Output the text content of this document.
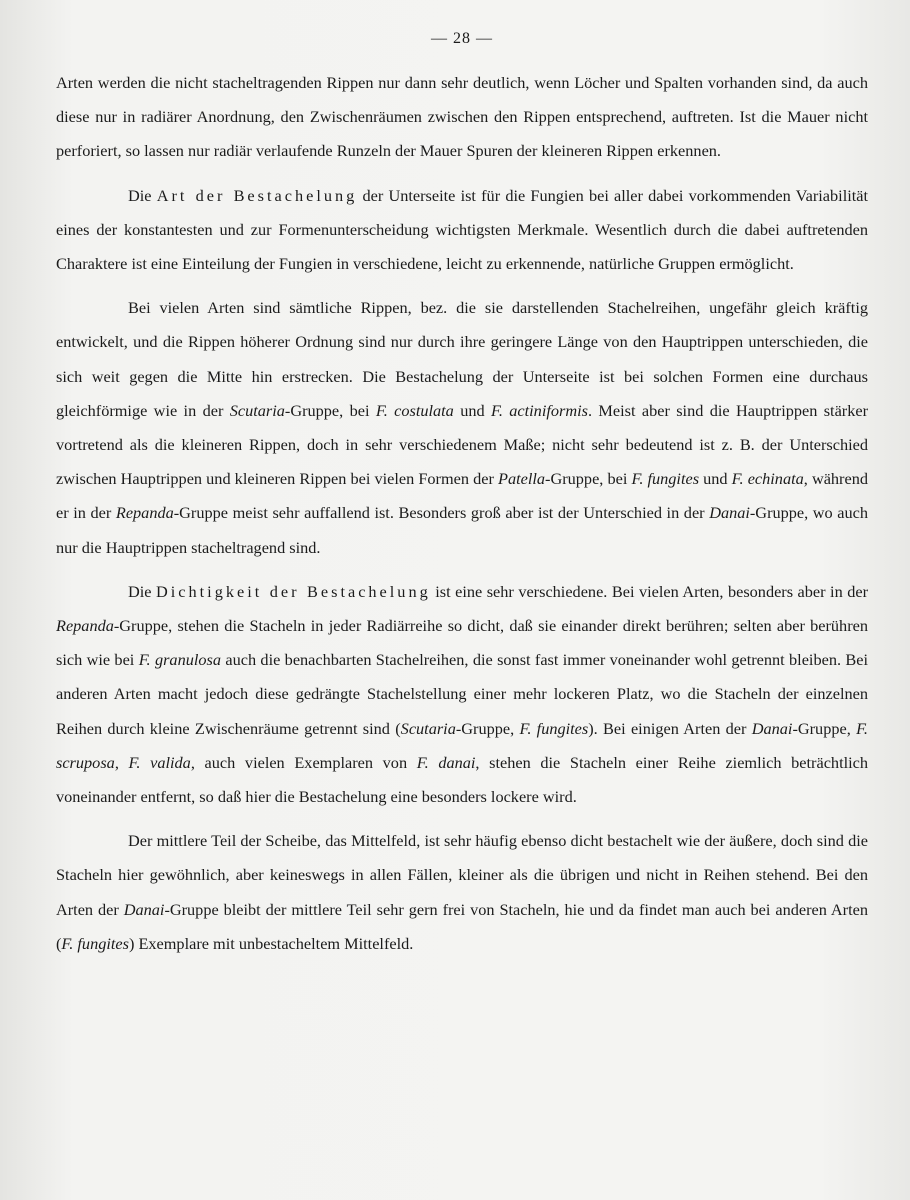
— 28 —

Arten werden die nicht stacheltragenden Rippen nur dann sehr deutlich, wenn Löcher und Spalten vorhanden sind, da auch diese nur in radiärer Anordnung, den Zwischenräumen zwischen den Rippen entsprechend, auftreten. Ist die Mauer nicht perforiert, so lassen nur radiär verlaufende Runzeln der Mauer Spuren der kleineren Rippen erkennen.

Die Art der Bestachelung der Unterseite ist für die Fungien bei aller dabei vorkommenden Variabilität eines der konstantesten und zur Formenunterscheidung wichtigsten Merkmale. Wesentlich durch die dabei auftretenden Charaktere ist eine Einteilung der Fungien in verschiedene, leicht zu erkennende, natürliche Gruppen ermöglicht.

Bei vielen Arten sind sämtliche Rippen, bez. die sie darstellenden Stachelreihen, ungefähr gleich kräftig entwickelt, und die Rippen höherer Ordnung sind nur durch ihre geringere Länge von den Hauptrippen unterschieden, die sich weit gegen die Mitte hin erstrecken. Die Bestachelung der Unterseite ist bei solchen Formen eine durchaus gleichförmige wie in der Scutaria-Gruppe, bei F. costulata und F. actiniformis. Meist aber sind die Hauptrippen stärker vortretend als die kleineren Rippen, doch in sehr verschiedenem Maße; nicht sehr bedeutend ist z. B. der Unterschied zwischen Hauptrippen und kleineren Rippen bei vielen Formen der Patella-Gruppe, bei F. fungites und F. echinata, während er in der Repanda-Gruppe meist sehr auffallend ist. Besonders groß aber ist der Unterschied in der Danai-Gruppe, wo auch nur die Hauptrippen stacheltragend sind.

Die Dichtigkeit der Bestachelung ist eine sehr verschiedene. Bei vielen Arten, besonders aber in der Repanda-Gruppe, stehen die Stacheln in jeder Radiärreihe so dicht, daß sie einander direkt berühren; selten aber berühren sich wie bei F. granulosa auch die benachbarten Stachelreihen, die sonst fast immer voneinander wohl getrennt bleiben. Bei anderen Arten macht jedoch diese gedrängte Stachelstellung einer mehr lockeren Platz, wo die Stacheln der einzelnen Reihen durch kleine Zwischenräume getrennt sind (Scutaria-Gruppe, F. fungites). Bei einigen Arten der Danai-Gruppe, F. scruposa, F. valida, auch vielen Exemplaren von F. danai, stehen die Stacheln einer Reihe ziemlich beträchtlich voneinander entfernt, so daß hier die Bestachelung eine besonders lockere wird.

Der mittlere Teil der Scheibe, das Mittelfeld, ist sehr häufig ebenso dicht bestachelt wie der äußere, doch sind die Stacheln hier gewöhnlich, aber keineswegs in allen Fällen, kleiner als die übrigen und nicht in Reihen stehend. Bei den Arten der Danai-Gruppe bleibt der mittlere Teil sehr gern frei von Stacheln, hie und da findet man auch bei anderen Arten (F. fungites) Exemplare mit unbestacheltem Mittelfeld.
